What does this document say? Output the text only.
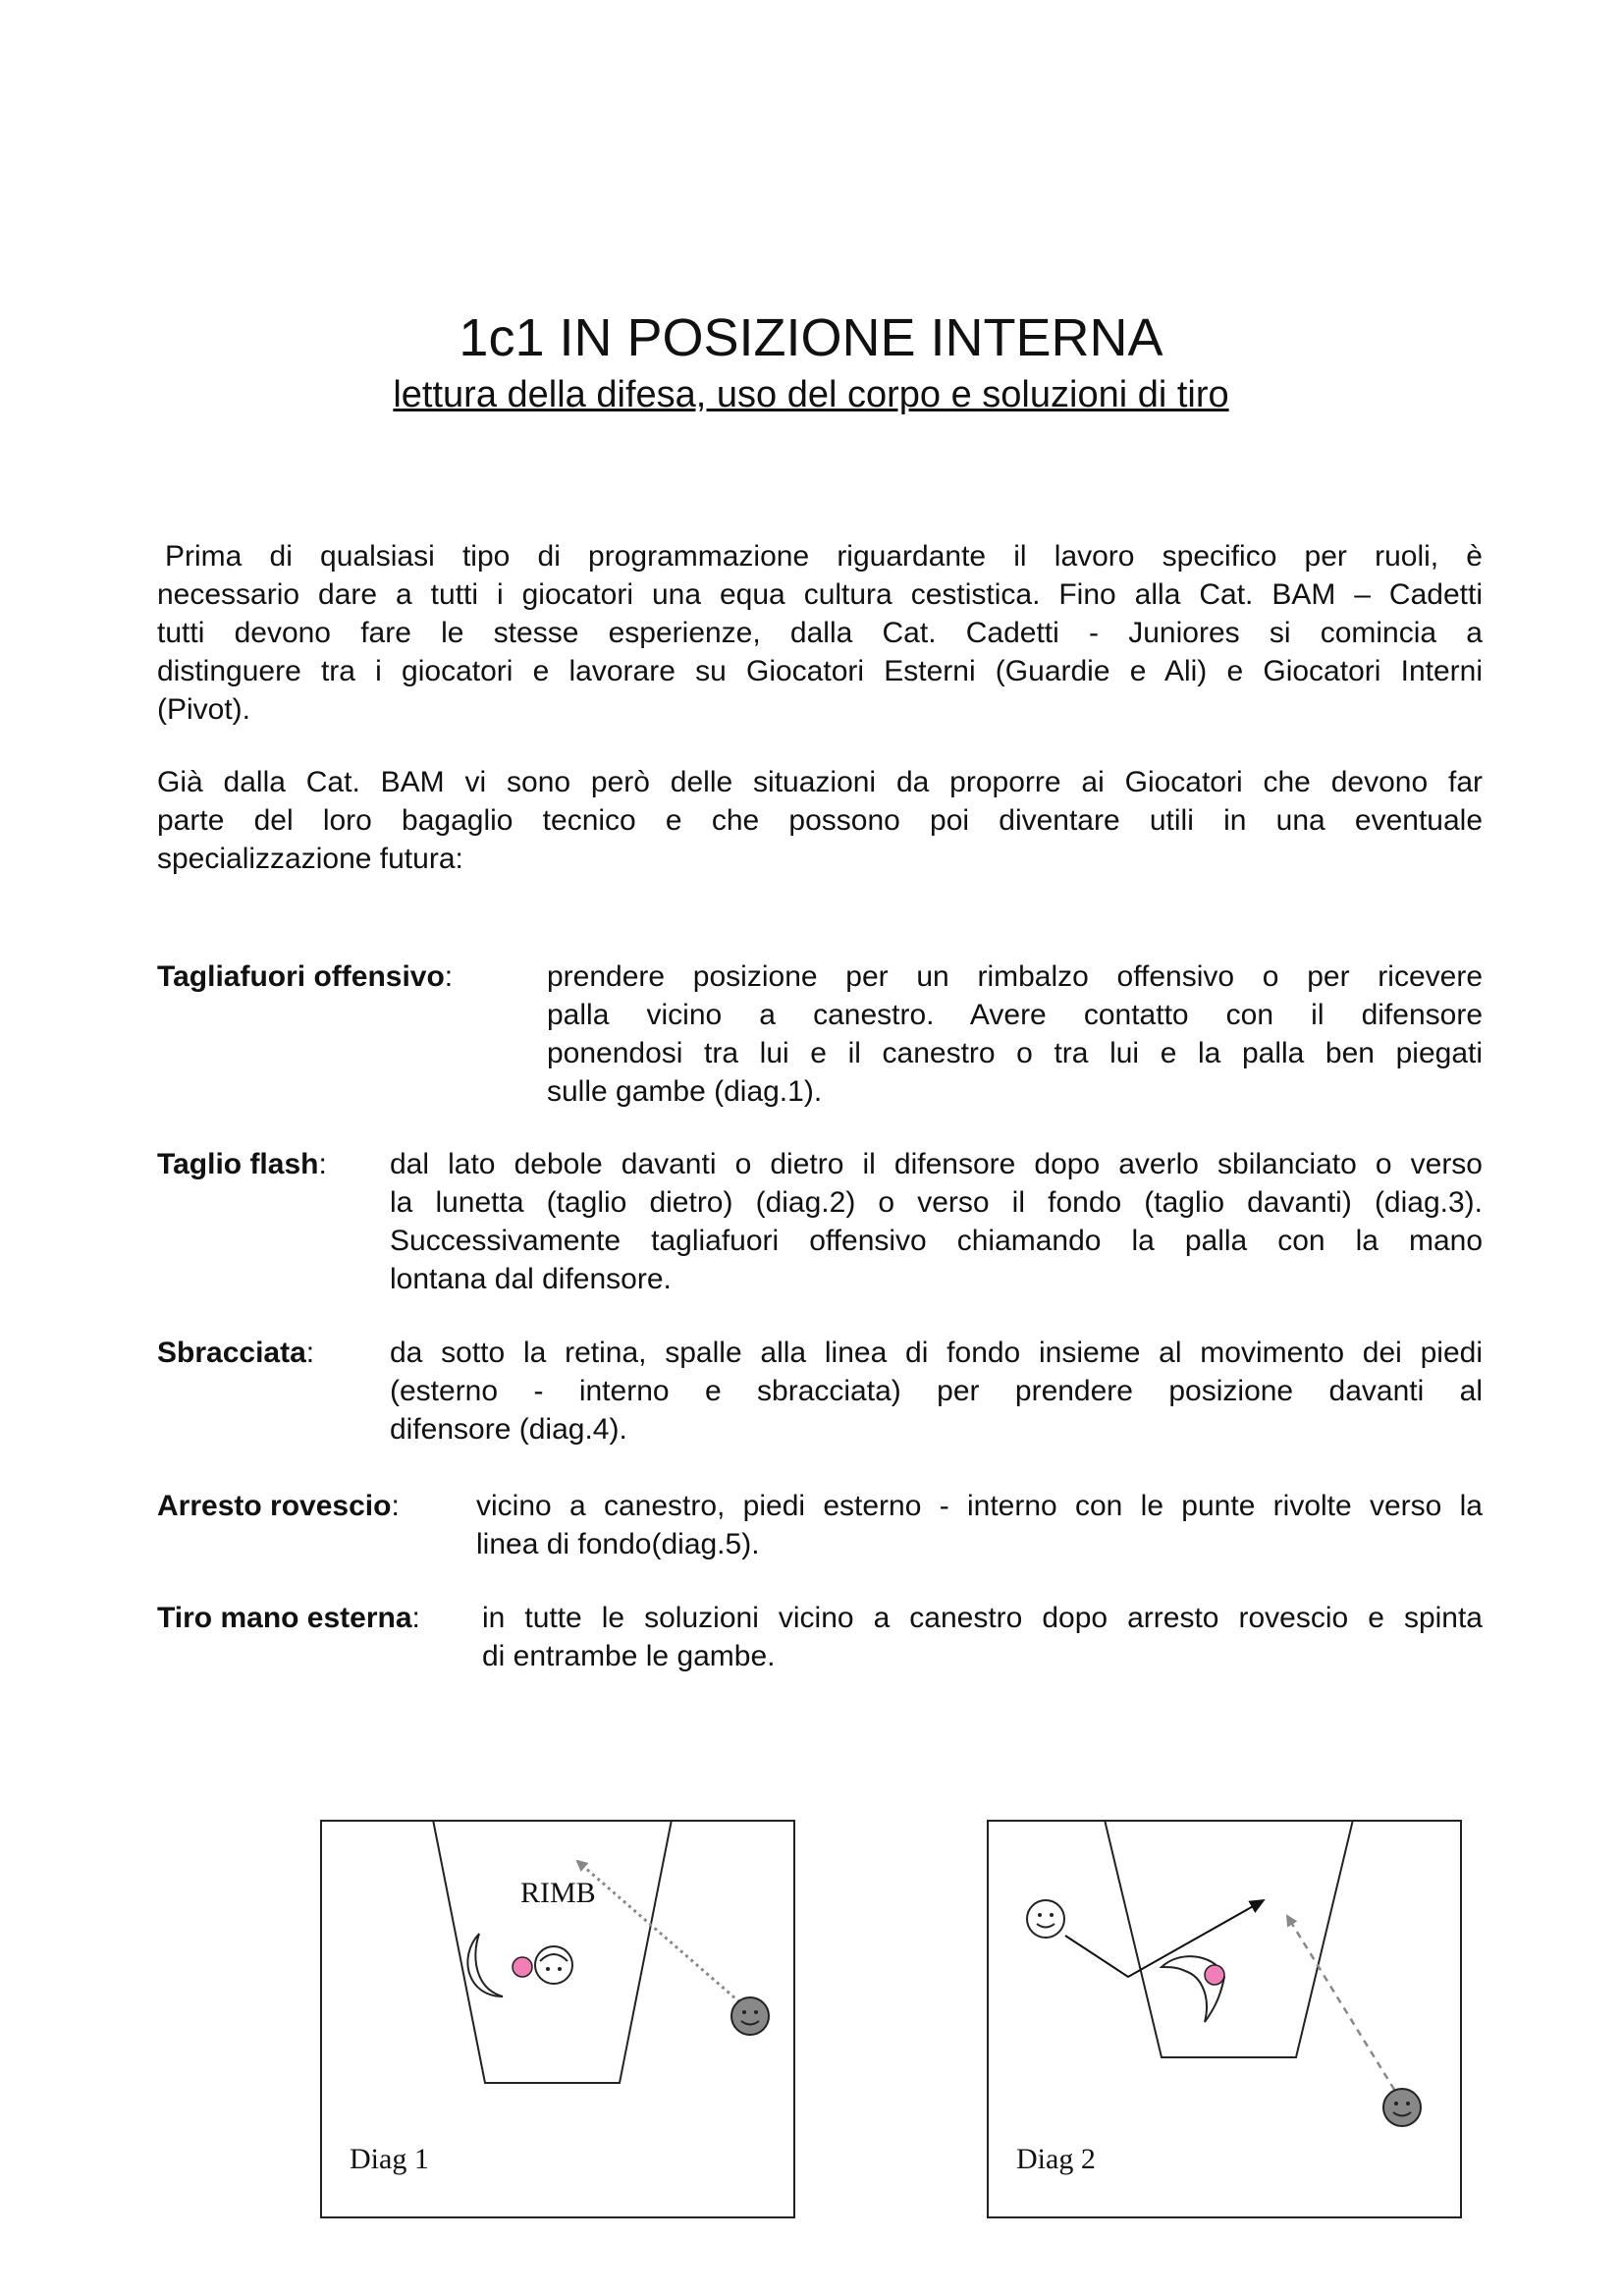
1c1 IN POSIZIONE INTERNA
lettura della difesa, uso del corpo e soluzioni di tiro
Prima di qualsiasi tipo di programmazione riguardante il lavoro specifico per ruoli, è
necessario dare a tutti i giocatori una equa cultura cestistica. Fino alla Cat. BAM – Cadetti
tutti devono fare le stesse esperienze, dalla Cat. Cadetti - Juniores si comincia a
distinguere tra i giocatori e lavorare su Giocatori Esterni (Guardie e Ali) e Giocatori Interni
(Pivot).
Già dalla Cat. BAM vi sono però delle situazioni da proporre ai Giocatori che devono far
parte del loro bagaglio tecnico e che possono poi diventare utili in una eventuale
specializzazione futura:
Tagliafuori offensivo:	prendere posizione per un rimbalzo offensivo o per ricevere
palla vicino a canestro. Avere contatto con il difensore
ponendosi tra lui e il canestro o tra lui e la palla ben piegati
sulle gambe (diag.1).
Taglio flash: dal lato debole davanti o dietro il difensore dopo averlo sbilanciato o verso
la lunetta (taglio dietro) (diag.2) o verso il fondo (taglio davanti) (diag.3).
Successivamente tagliafuori offensivo chiamando la palla con la mano
lontana dal difensore.
Sbracciata:	da sotto la retina, spalle alla linea di fondo insieme al movimento dei piedi
(esterno - interno e sbracciata) per prendere posizione davanti al
difensore (diag.4).
Arresto rovescio:	vicino a canestro, piedi esterno - interno con le punte rivolte verso la
linea di fondo(diag.5).
Tiro mano esterna: in tutte le soluzioni vicino a canestro dopo arresto rovescio e spinta
di entrambe le gambe.
RIMB
Diag 1	Diag 2
